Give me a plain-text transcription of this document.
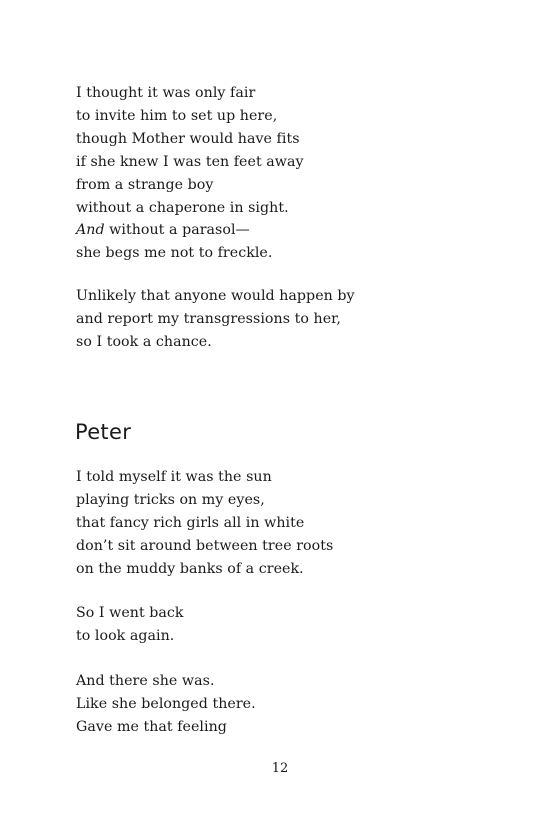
I thought it was only fair
to invite him to set up here,
though Mother would have fits
if she knew I was ten feet away
from a strange boy
without a chaperone in sight.
And without a parasol—
she begs me not to freckle.
Unlikely that anyone would happen by
and report my transgressions to her,
so I took a chance.
Peter
I told myself it was the sun
playing tricks on my eyes,
that fancy rich girls all in white
don’t sit around between tree roots
on the muddy banks of a creek.
So I went back
to look again.
And there she was.
Like she belonged there.
Gave me that feeling

12
